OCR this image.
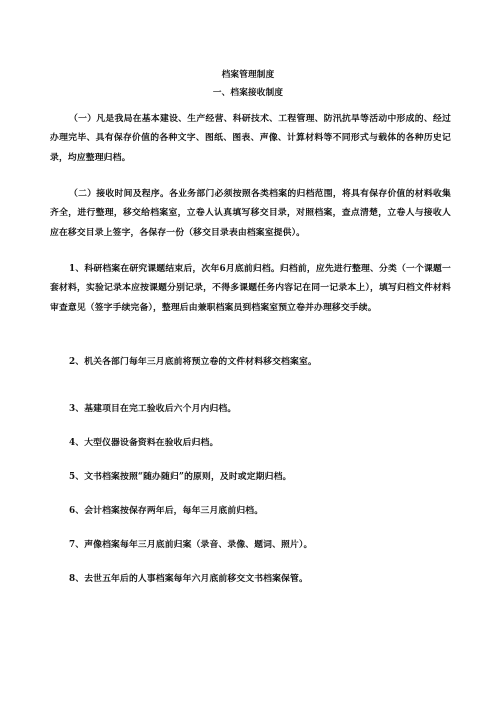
档案管理制度
一、档案接收制度
（一）凡是我局在基本建设、生产经营、科研技术、工程管理、防汛抗旱等活动中形成的、经过办理完毕、具有保存价值的各种文字、图纸、图表、声像、计算材料等不同形式与载体的各种历史记录，均应整理归档。
（二）接收时间及程序。各业务部门必须按照各类档案的归档范围，将具有保存价值的材料收集齐全，进行整理，移交给档案室，立卷人认真填写移交目录，对照档案，查点清楚，立卷人与接收人应在移交目录上签字，各保存一份（移交目录表由档案室提供）。
1、科研档案在研究课题结束后，次年6月底前归档。归档前，应先进行整理、分类（一个课题一套材料，实验记录本应按课题分别记录，不得多课题任务内容记在同一记录本上），填写归档文件材料审查意见（签字手续完备），整理后由兼职档案员到档案室预立卷并办理移交手续。
2、机关各部门每年三月底前将预立卷的文件材料移交档案室。
3、基建项目在完工验收后六个月内归档。
4、大型仪器设备资料在验收后归档。
5、文书档案按照“随办随归”的原则，及时或定期归档。
6、会计档案按保存两年后，每年三月底前归档。
7、声像档案每年三月底前归案（录音、录像、题词、照片）。
8、去世五年后的人事档案每年六月底前移交文书档案保管。
